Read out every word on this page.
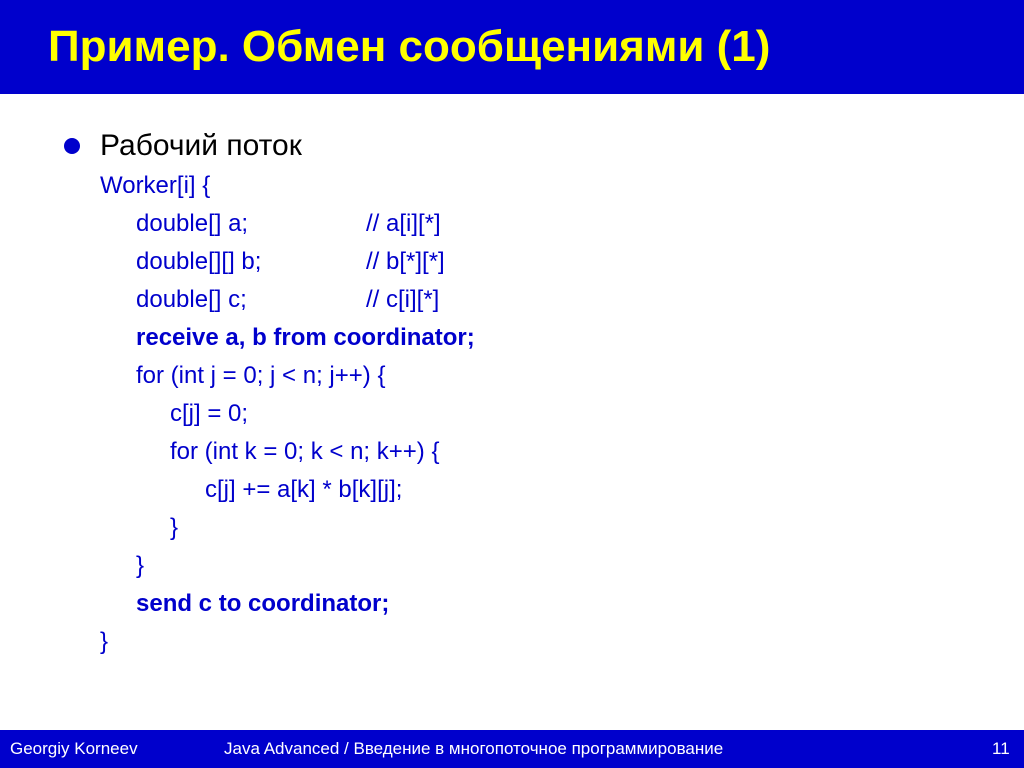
Пример. Обмен сообщениями (1)
Рабочий поток
Worker[i] {
double[] a;	// a[i][*]
double[][] b;	// b[*][*]
double[] c;	// c[i][*]
receive a, b from coordinator;
for (int j = 0; j < n; j++) {
c[j] = 0;
for (int k = 0; k < n; k++) {
c[j] += a[k] * b[k][j];
}
}
send c to coordinator;
}
Georgiy Korneev	Java Advanced / Введение в многопоточное программирование	11
